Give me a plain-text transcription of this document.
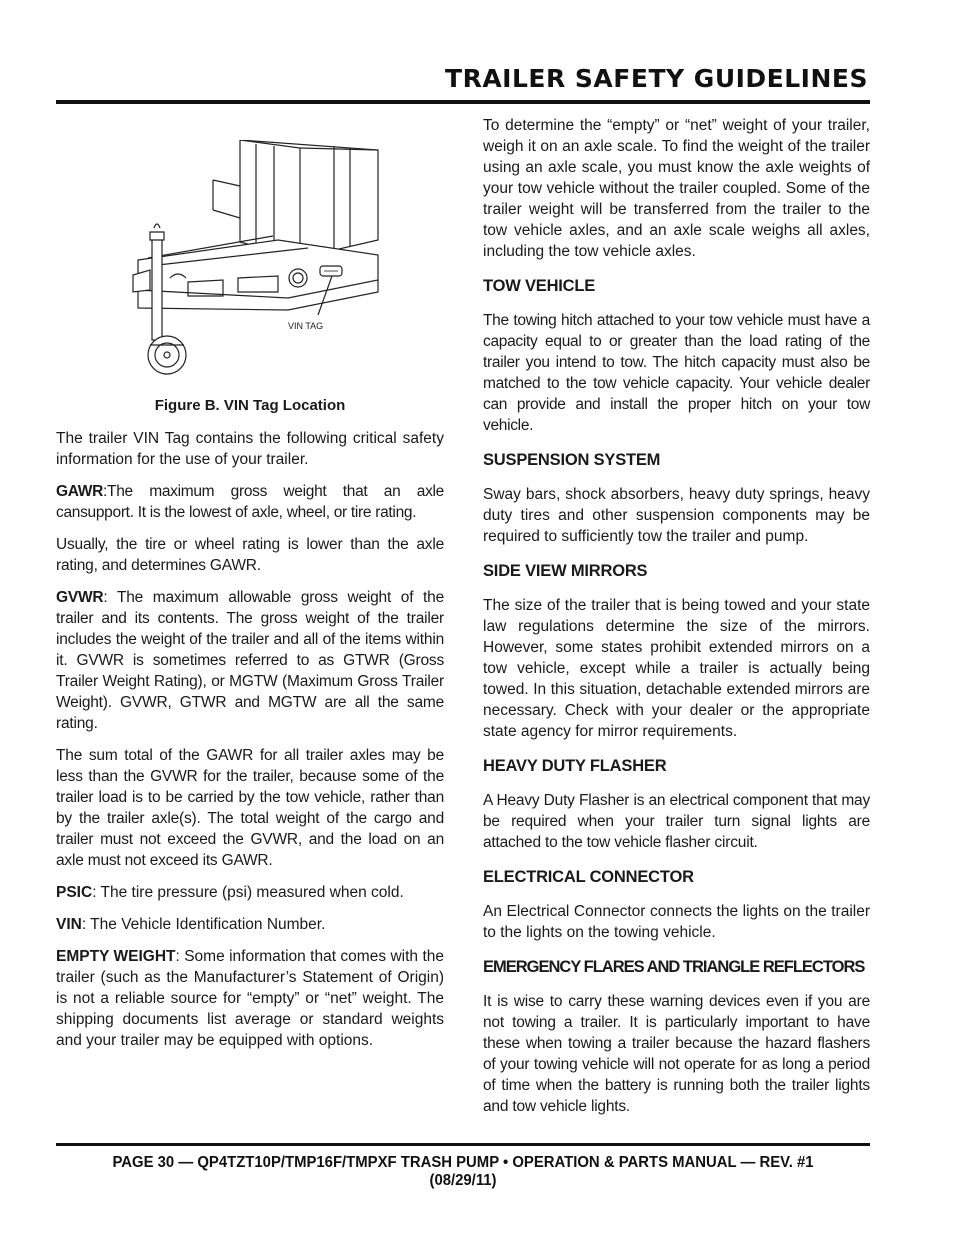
TRAILER SAFETY GUIDELINES
VIN TAG
Figure B. VIN Tag Location

The trailer VIN Tag contains the following critical safety information for the use of your trailer.

GAWR:The maximum gross weight that an axle cansupport. It is the lowest of axle, wheel, or tire rating.

Usually, the tire or wheel rating is lower than the axle rating, and determines GAWR.

GVWR: The maximum allowable gross weight of the trailer and its contents. The gross weight of the trailer includes the weight of the trailer and all of the items within it. GVWR is sometimes referred to as GTWR (Gross Trailer Weight Rating), or MGTW (Maximum Gross Trailer Weight). GVWR, GTWR and MGTW are all the same rating.

The sum total of the GAWR for all trailer axles may be less than the GVWR for the trailer, because some of the trailer load is to be carried by the tow vehicle, rather than by the trailer axle(s). The total weight of the cargo and trailer must not exceed the GVWR, and the load on an axle must not exceed its GAWR.

PSIC: The tire pressure (psi) measured when cold.

VIN: The Vehicle Identification Number.

EMPTY WEIGHT: Some information that comes with the trailer (such as the Manufacturer’s Statement of Origin) is not a reliable source for “empty” or “net” weight. The shipping documents list average or standard weights and your trailer may be equipped with options.

To determine the “empty” or “net” weight of your trailer, weigh it on an axle scale. To find the weight of the trailer using an axle scale, you must know the axle weights of your tow vehicle without the trailer coupled. Some of the trailer weight will be transferred from the trailer to the tow vehicle axles, and an axle scale weighs all axles, including the tow vehicle axles.

TOW VEHICLE

The towing hitch attached to your tow vehicle must have a capacity equal to or greater than the load rating of the trailer you intend to tow. The hitch capacity must also be matched to the tow vehicle capacity. Your vehicle dealer can provide and install the proper hitch on your tow vehicle.

SUSPENSION SYSTEM

Sway bars, shock absorbers, heavy duty springs, heavy duty tires and other suspension components may be required to sufficiently tow the trailer and pump.

SIDE VIEW MIRRORS

The size of the trailer that is being towed and your state law regulations determine the size of the mirrors. However, some states prohibit extended mirrors on a tow vehicle, except while a trailer is actually being towed. In this situation, detachable extended mirrors are necessary. Check with your dealer or the appropriate state agency for mirror requirements.

HEAVY DUTY FLASHER

A Heavy Duty Flasher is an electrical component that may be required when your trailer turn signal lights are attached to the tow vehicle flasher circuit.

ELECTRICAL CONNECTOR

An Electrical Connector connects the lights on the trailer to the lights on the towing vehicle.

EMERGENCY FLARES AND TRIANGLE REFLECTORS

It is wise to carry these warning devices even if you are not towing a trailer. It is particularly important to have these when towing a trailer because the hazard flashers of your towing vehicle will not operate for as long a period of time when the battery is running both the trailer lights and tow vehicle lights.

PAGE 30 — QP4TZT10P/TMP16F/TMPXF TRASH PUMP • OPERATION & PARTS MANUAL — REV. #1 (08/29/11)
